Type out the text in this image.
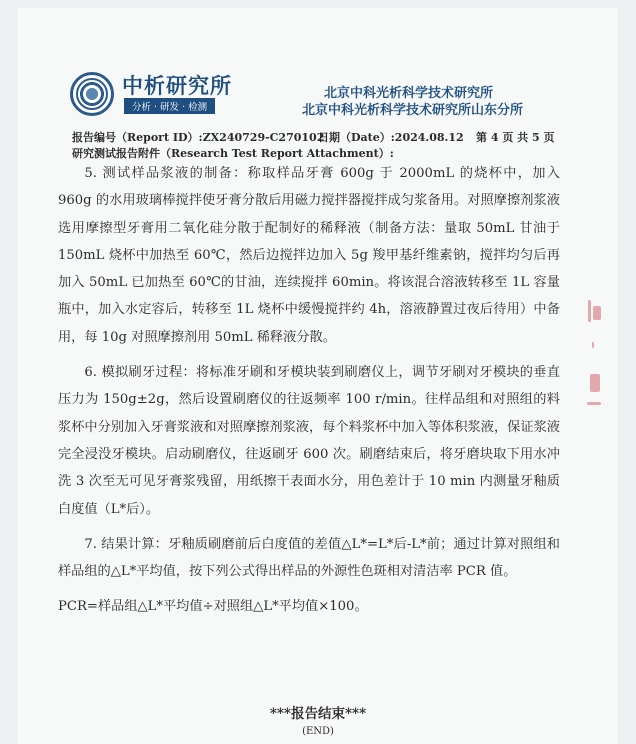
中析研究所
分析 · 研发 · 检测
北京中科光析科学技术研究所
北京中科光析科学技术研究所山东分所
报告编号（Report ID）:ZX240729-C270102
日期（Date）:2024.08.12 第 4 页 共 5 页
研究测试报告附件（Research Test Report Attachment）:

5. 测试样品浆液的制备：称取样品牙膏 600g 于 2000mL 的烧杯中，加入 960g 的水用玻璃棒搅拌使牙膏分散后用磁力搅拌器搅拌成匀浆备用。对照摩擦剂浆液选用摩擦型牙膏用二氧化硅分散于配制好的稀释液（制备方法：量取 50mL 甘油于 150mL 烧杯中加热至 60℃，然后边搅拌边加入 5g 羧甲基纤维素钠，搅拌均匀后再加入 50mL 已加热至 60℃的甘油，连续搅拌 60min。将该混合溶液转移至 1L 容量瓶中，加入水定容后，转移至 1L 烧杯中缓慢搅拌约 4h，溶液静置过夜后待用）中备用，每 10g 对照摩擦剂用 50mL 稀释液分散。

6. 模拟刷牙过程：将标准牙刷和牙模块装到刷磨仪上，调节牙刷对牙模块的垂直压力为 150g±2g，然后设置刷磨仪的往返频率 100 r/min。往样品组和对照组的料浆杯中分别加入牙膏浆液和对照摩擦剂浆液，每个料浆杯中加入等体积浆液，保证浆液完全浸没牙模块。启动刷磨仪，往返刷牙 600 次。刷磨结束后，将牙磨块取下用水冲洗 3 次至无可见牙膏浆残留，用纸擦干表面水分，用色差计于 10 min 内测量牙釉质白度值（L*后）。

7. 结果计算：牙釉质刷磨前后白度值的差值△L*=L*后-L*前；通过计算对照组和样品组的△L*平均值，按下列公式得出样品的外源性色斑相对清洁率 PCR 值。

PCR=样品组△L*平均值÷对照组△L*平均值×100。

***报告结束***
(END)
